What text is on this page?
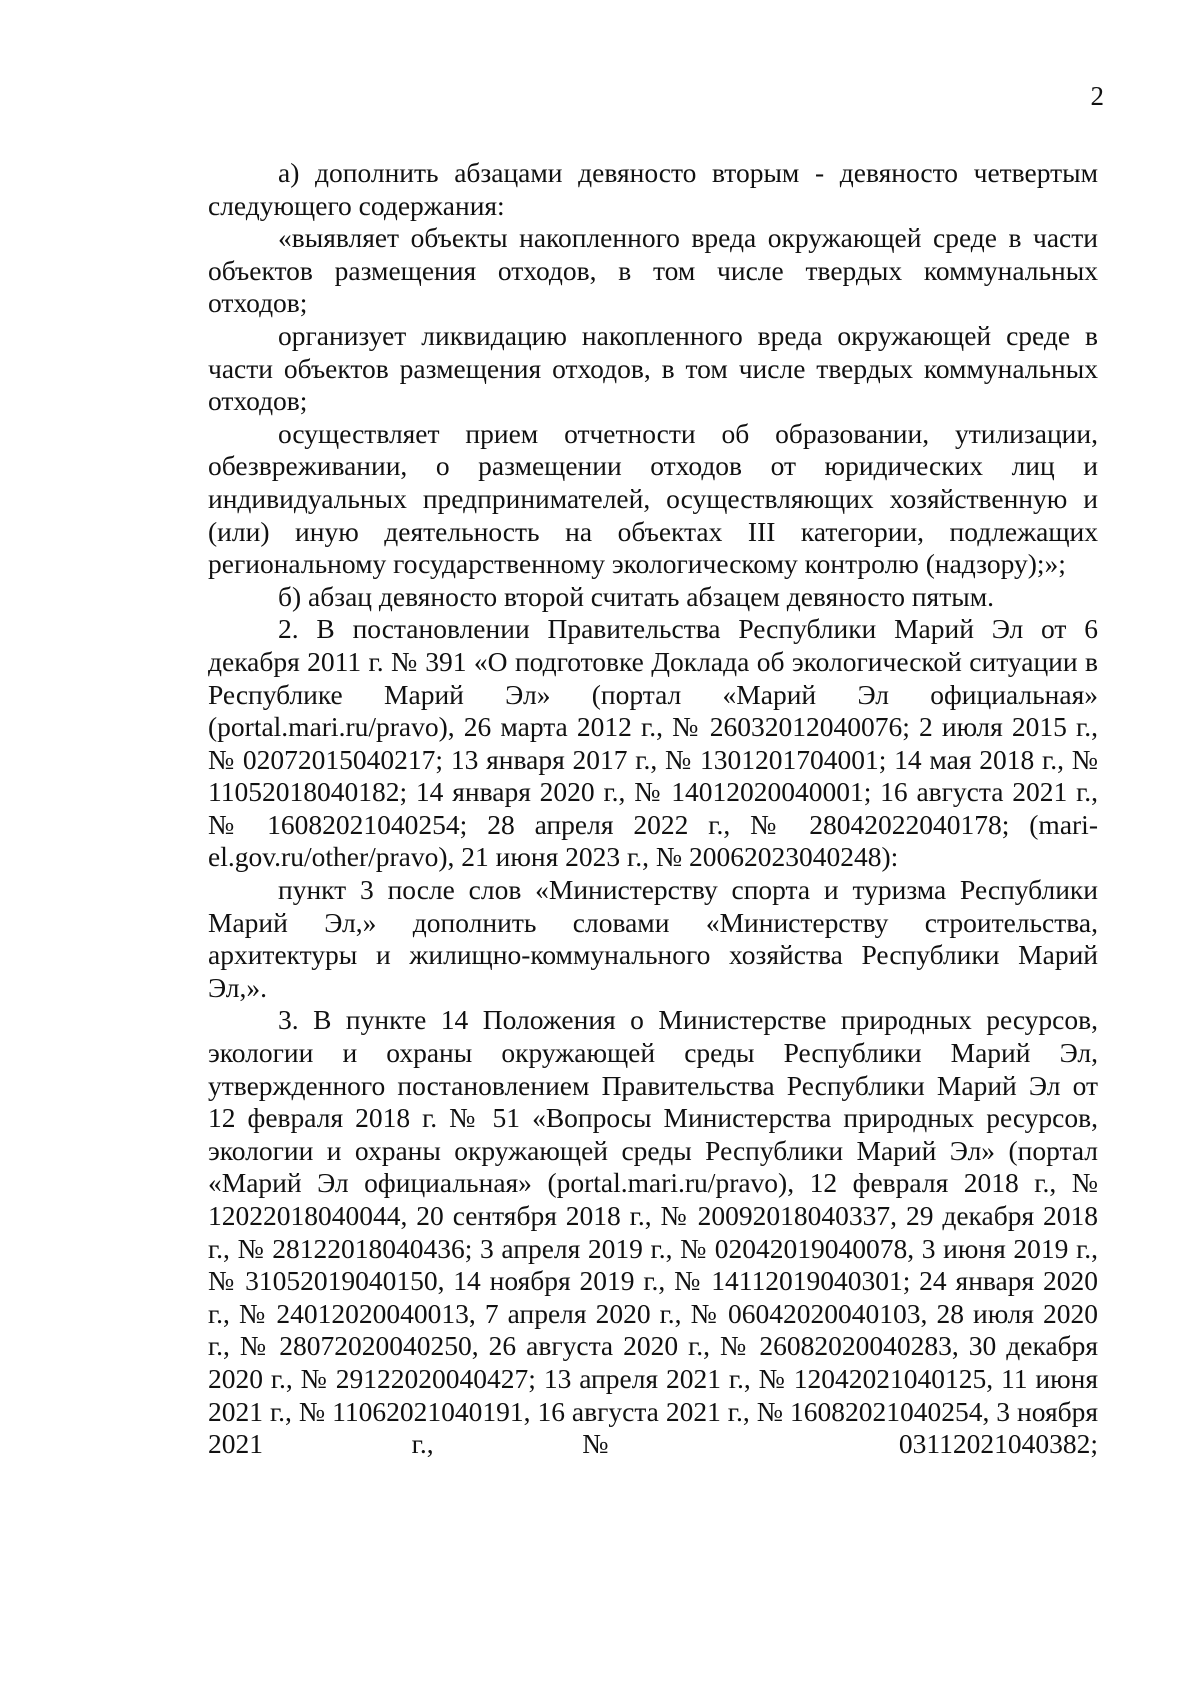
2

а) дополнить абзацами девяносто вторым - девяносто четвертым следующего содержания:

«выявляет объекты накопленного вреда окружающей среде в части объектов размещения отходов, в том числе твердых коммунальных отходов;

организует ликвидацию накопленного вреда окружающей среде в части объектов размещения отходов, в том числе твердых коммунальных отходов;

осуществляет прием отчетности об образовании, утилизации, обезвреживании, о размещении отходов от юридических лиц и индивидуальных предпринимателей, осуществляющих хозяйственную и (или) иную деятельность на объектах III категории, подлежащих региональному государственному экологическому контролю (надзору);»;

б) абзац девяносто второй считать абзацем девяносто пятым.

2. В постановлении Правительства Республики Марий Эл от 6 декабря 2011 г. № 391 «О подготовке Доклада об экологической ситуации в Республике Марий Эл» (портал «Марий Эл официальная» (portal.mari.ru/pravo), 26 марта 2012 г., № 26032012040076; 2 июля 2015 г., № 02072015040217; 13 января 2017 г., № 1301201704001; 14 мая 2018 г., № 11052018040182; 14 января 2020 г., № 14012020040001; 16 августа 2021 г., № 16082021040254; 28 апреля 2022 г., № 28042022040178; (mari-el.gov.ru/other/pravo), 21 июня 2023 г., № 20062023040248):

пункт 3 после слов «Министерству спорта и туризма Республики Марий Эл,» дополнить словами «Министерству строительства, архитектуры и жилищно-коммунального хозяйства Республики Марий Эл,».

3. В пункте 14 Положения о Министерстве природных ресурсов, экологии и охраны окружающей среды Республики Марий Эл, утвержденного постановлением Правительства Республики Марий Эл от 12 февраля 2018 г. № 51 «Вопросы Министерства природных ресурсов, экологии и охраны окружающей среды Республики Марий Эл» (портал «Марий Эл официальная» (portal.mari.ru/pravo), 12 февраля 2018 г., № 12022018040044, 20 сентября 2018 г., № 20092018040337, 29 декабря 2018 г., № 28122018040436; 3 апреля 2019 г., № 02042019040078, 3 июня 2019 г., № 31052019040150, 14 ноября 2019 г., № 14112019040301; 24 января 2020 г., № 24012020040013, 7 апреля 2020 г., № 06042020040103, 28 июля 2020 г., № 28072020040250, 26 августа 2020 г., № 26082020040283, 30 декабря 2020 г., № 29122020040427; 13 апреля 2021 г., № 12042021040125, 11 июня 2021 г., № 11062021040191, 16 августа 2021 г., № 16082021040254, 3 ноября 2021 г., № 03112021040382;
